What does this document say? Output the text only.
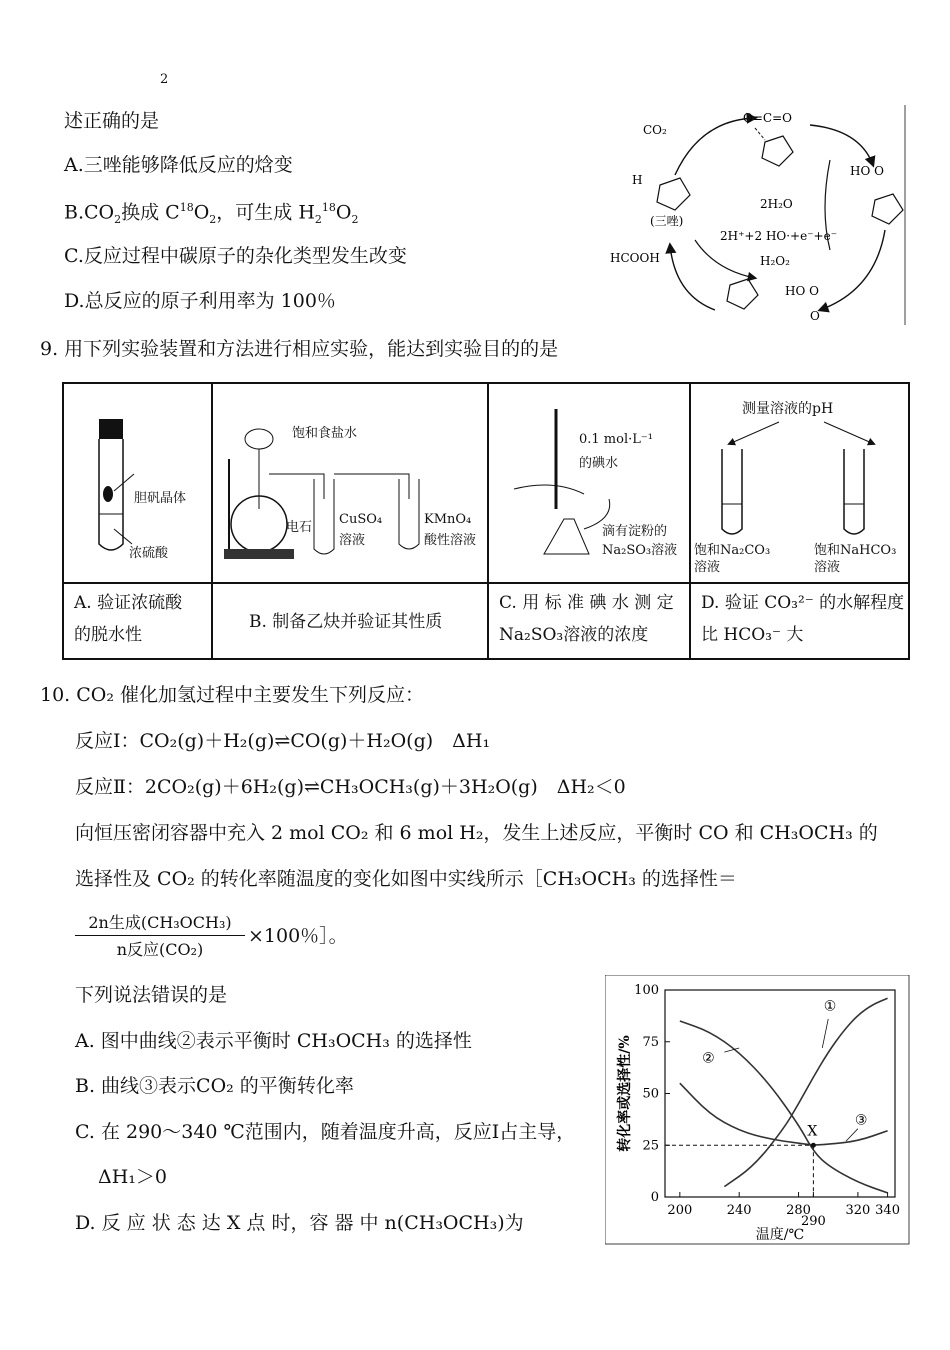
2
述正确的是
A.三唑能够降低反应的焓变
$B.CO_2$换成 $C^{18}O_2$，可生成 $H_2^{18}O_2$
C.反应过程中碳原子的杂化类型发生改变
D.总反应的原子利用率为 100％
CO₂
O=C=O
H
(三唑)
2H₂O
2H⁺+2 HO·+e⁻+e⁻
H₂O₂
HCOOH
HO O
HO O
O
9. 用下列实验装置和方法进行相应实验，能达到实验目的的是
胆矾晶体
浓硫酸
饱和食盐水
电石
CuSO₄
溶液
KMnO₄
酸性溶液
0.1 mol·L⁻¹
的碘水
滴有淀粉的
Na₂SO₃溶液
测量溶液的pH
饱和Na₂CO₃
溶液
饱和NaHCO₃
溶液
A. 验证浓硫酸
的脱水性
B. 制备乙炔并验证其性质
C. 用 标 准 碘 水 测 定
Na₂SO₃溶液的浓度
D. 验证 CO₃²⁻ 的水解程度
比 HCO₃⁻ 大
10. CO₂ 催化加氢过程中主要发生下列反应：
反应Ⅰ：CO₂(g)＋H₂(g)⇌CO(g)＋H₂O(g)　ΔH₁
反应Ⅱ：2CO₂(g)＋6H₂(g)⇌CH₃OCH₃(g)＋3H₂O(g)　ΔH₂＜0
向恒压密闭容器中充入 2 mol CO₂ 和 6 mol H₂，发生上述反应，平衡时 CO 和 CH₃OCH₃ 的
选择性及 CO₂ 的转化率随温度的变化如图中实线所示［CH₃OCH₃ 的选择性＝
2n生成(CH₃OCH₃)
n反应(CO₂)
×100％］。
下列说法错误的是
A. 图中曲线②表示平衡时 CH₃OCH₃ 的选择性
B. 曲线③表示CO₂ 的平衡转化率
C. 在 290～340 ℃范围内，随着温度升高，反应Ⅰ占主导，
ΔH₁＞0
D. 反 应 状 态 达 X 点 时，容 器 中 n(CH₃OCH₃)为
0
25
50
75
100
200	240	280
290
320 340
温度/℃
转化率或选择性/%	X
①
②
③
